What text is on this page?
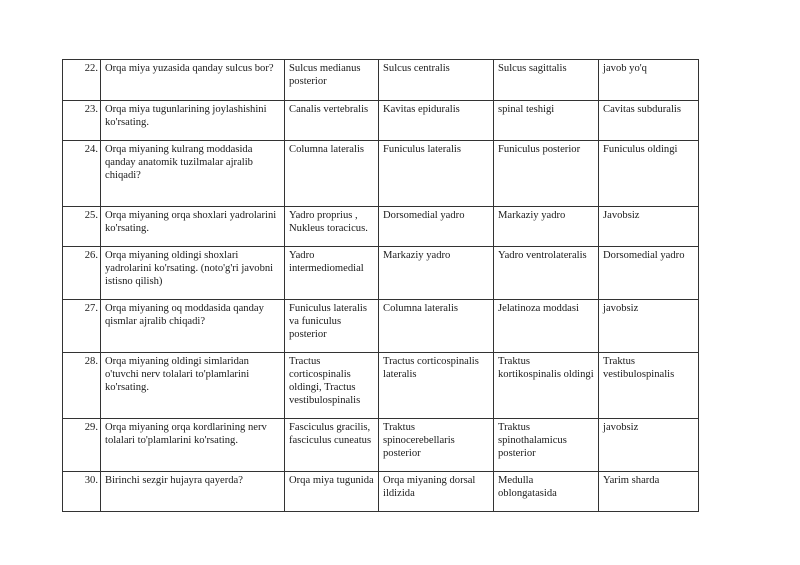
22.	Orqa miya yuzasida qanday sulcus bor?	Sulcus medianus posterior	Sulcus centralis	Sulcus sagittalis	javob yo'q
23.	Orqa miya tugunlarining joylashishini ko'rsating.	Canalis vertebralis	Kavitas epiduralis	spinal teshigi	Cavitas subduralis
24.	Orqa miyaning kulrang moddasida qanday anatomik tuzilmalar ajralib chiqadi?	Columna lateralis	Funiculus lateralis	Funiculus posterior	Funiculus oldingi
25.	Orqa miyaning orqa shoxlari yadrolarini ko'rsating.	Yadro proprius , Nukleus toracicus.	Dorsomedial yadro	Markaziy yadro	Javobsiz
26.	Orqa miyaning oldingi shoxlari yadrolarini ko'rsating. (noto'g'ri javobni istisno qilish)	Yadro intermediomedial	Markaziy yadro	Yadro ventrolateralis	Dorsomedial yadro
27.	Orqa miyaning oq moddasida qanday qismlar ajralib chiqadi?	Funiculus lateralis va funiculus posterior	Columna lateralis	Jelatinoza moddasi	javobsiz
28.	Orqa miyaning oldingi simlaridan o'tuvchi nerv tolalari to'plamlarini ko'rsating.	Tractus corticospinalis oldingi, Tractus vestibulospinalis	Tractus corticospinalis lateralis	Traktus kortikospinalis oldingi	Traktus vestibulospinalis
29.	Orqa miyaning orqa kordlarining nerv tolalari to'plamlarini ko'rsating.	Fasciculus gracilis, fasciculus cuneatus	Traktus spinocerebellaris posterior	Traktus spinothalamicus posterior	javobsiz
30.	Birinchi sezgir hujayra qayerda?	Orqa miya tugunida	Orqa miyaning dorsal ildizida	Medulla oblongatasida	Yarim sharda
